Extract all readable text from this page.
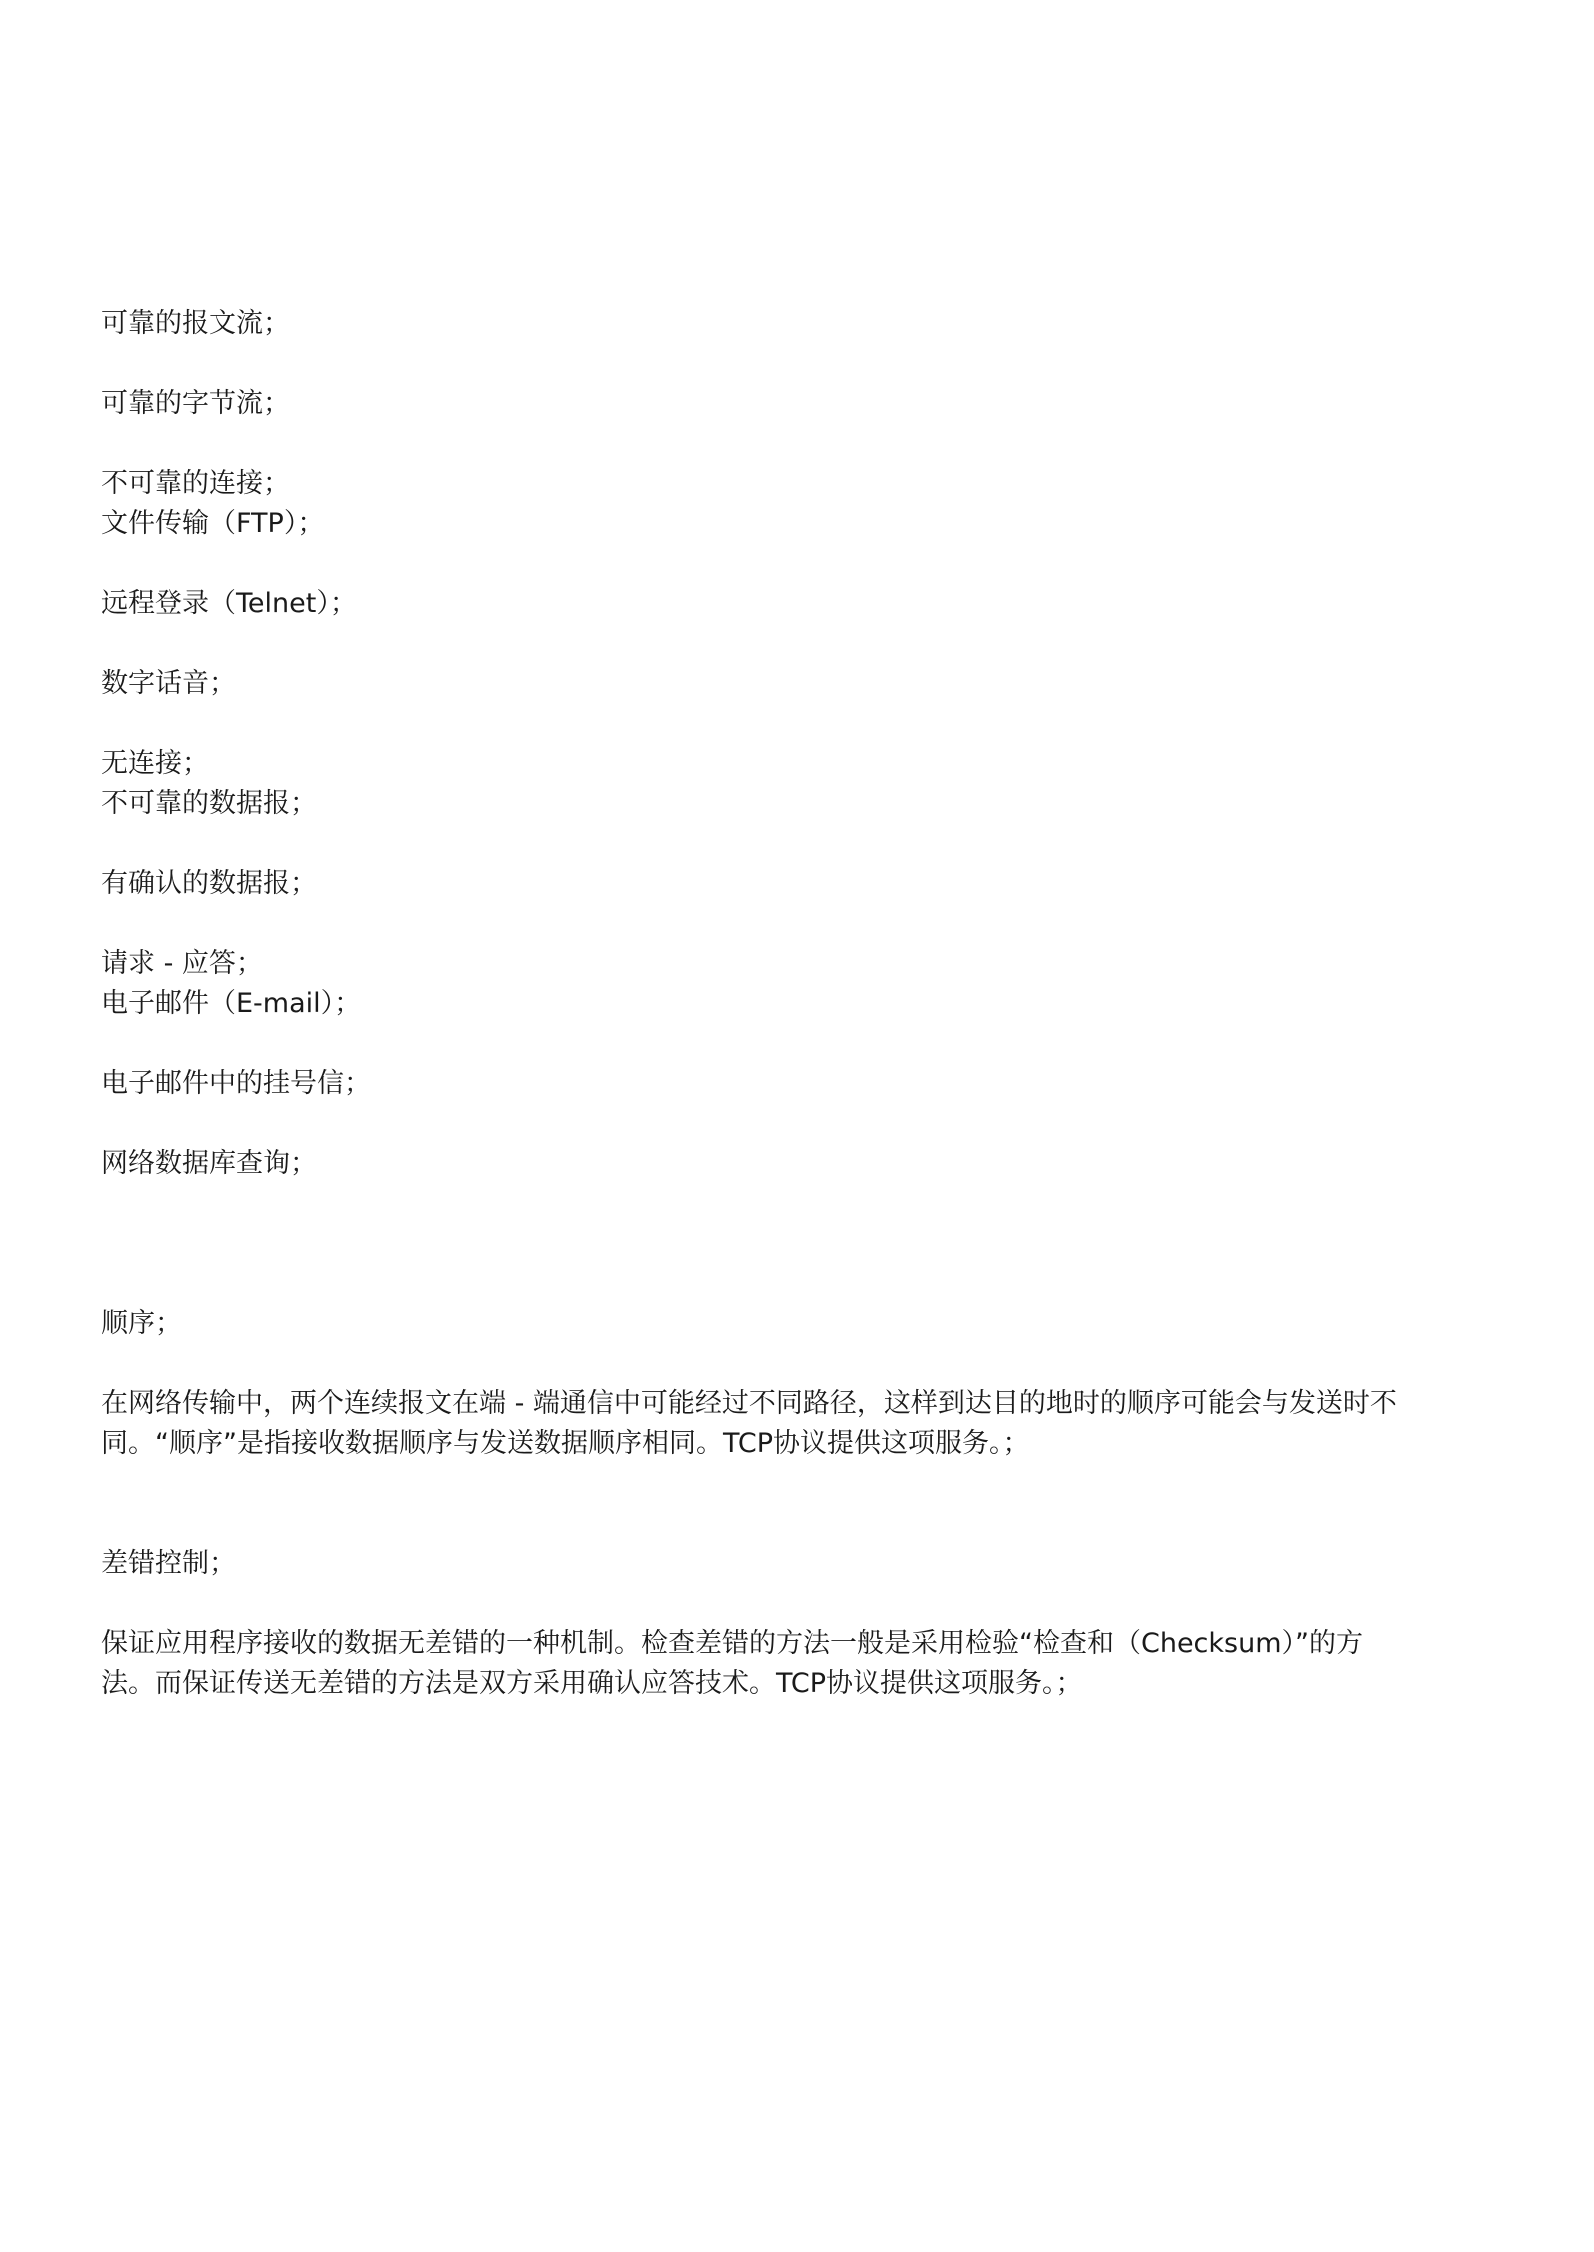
可靠的报文流；
可靠的字节流；
不可靠的连接；
文件传输（FTP）；
远程登录（Telnet）；
数字话音；
无连接；
不可靠的数据报；
有确认的数据报；
请求 - 应答；
电子邮件（E-mail）；
电子邮件中的挂号信；
网络数据库查询；
顺序；
在网络传输中，两个连续报文在端 - 端通信中可能经过不同路径，这样到达目的地时的顺序可能会与发送时不
同。“顺序”是指接收数据顺序与发送数据顺序相同。TCP协议提供这项服务。；
差错控制；
保证应用程序接收的数据无差错的一种机制。检查差错的方法一般是采用检验“检查和（Checksum）”的方
法。而保证传送无差错的方法是双方采用确认应答技术。TCP协议提供这项服务。；
